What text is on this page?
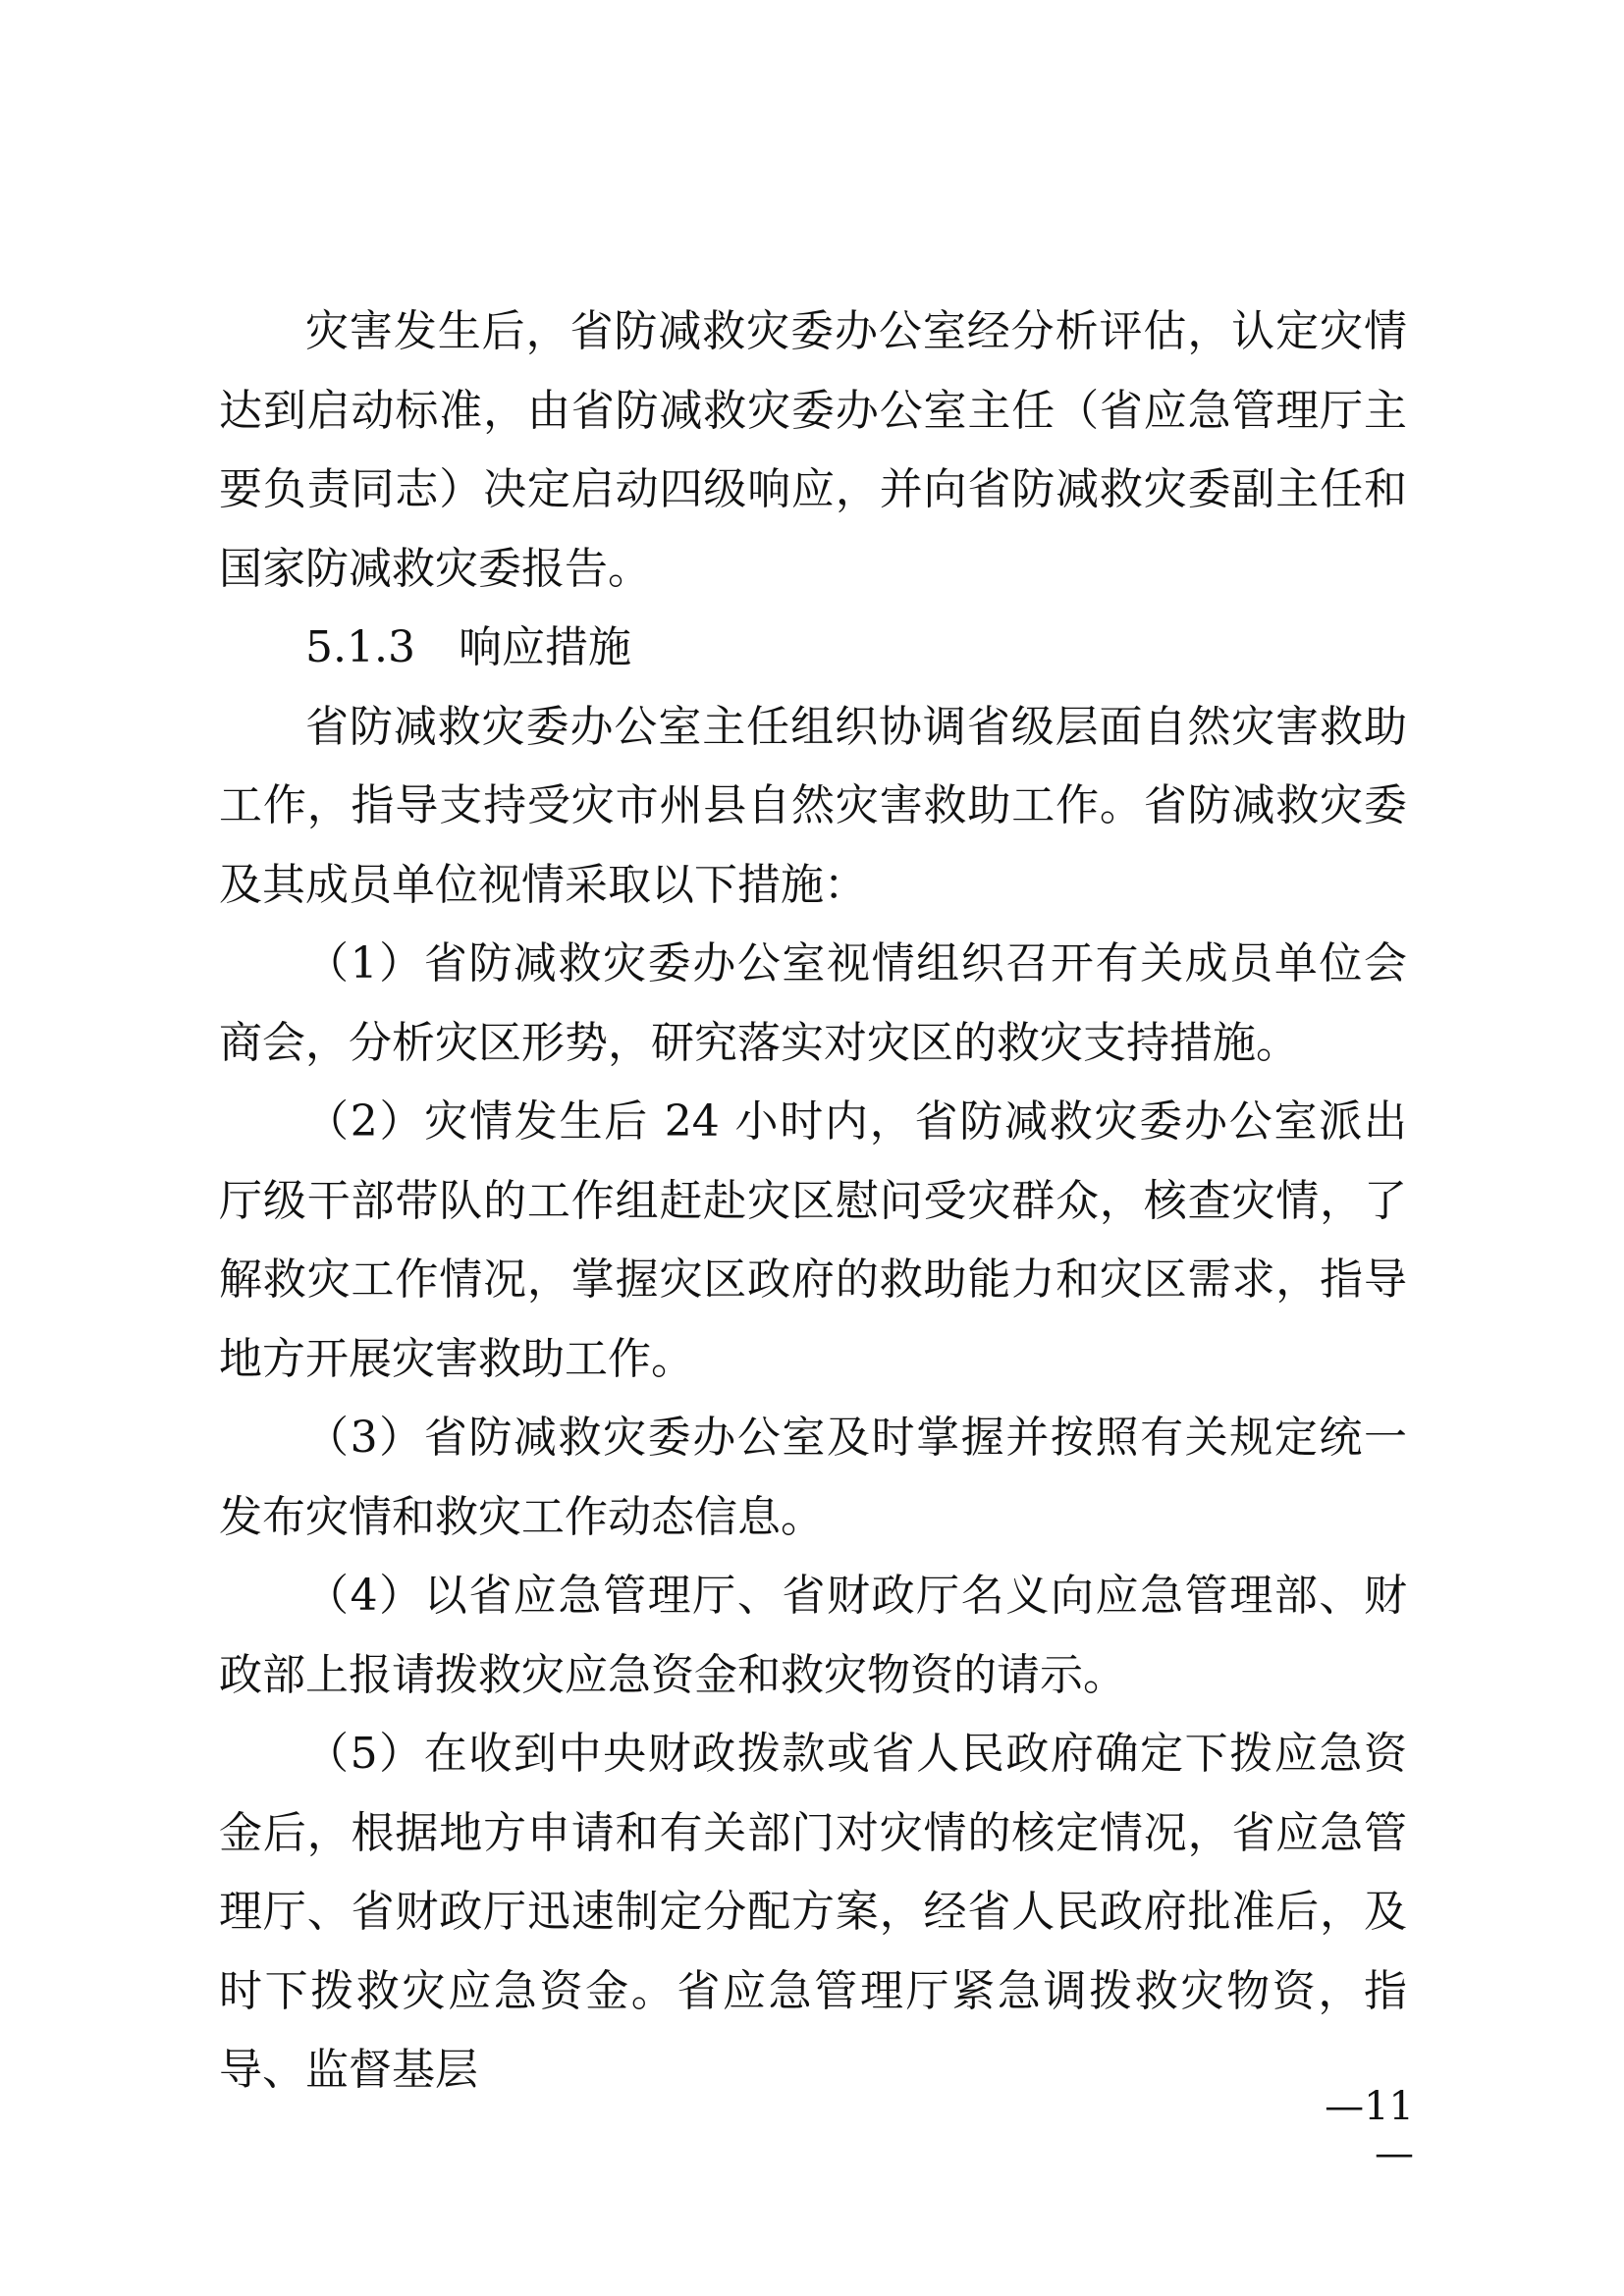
灾害发生后，省防减救灾委办公室经分析评估，认定灾情达到启动标准，由省防减救灾委办公室主任（省应急管理厅主要负责同志）决定启动四级响应，并向省防减救灾委副主任和国家防减救灾委报告。

5.1.3　响应措施

省防减救灾委办公室主任组织协调省级层面自然灾害救助工作，指导支持受灾市州县自然灾害救助工作。省防减救灾委及其成员单位视情采取以下措施：

（1）省防减救灾委办公室视情组织召开有关成员单位会商会，分析灾区形势，研究落实对灾区的救灾支持措施。

（2）灾情发生后 24 小时内，省防减救灾委办公室派出厅级干部带队的工作组赶赴灾区慰问受灾群众，核查灾情，了解救灾工作情况，掌握灾区政府的救助能力和灾区需求，指导地方开展灾害救助工作。

（3）省防减救灾委办公室及时掌握并按照有关规定统一发布灾情和救灾工作动态信息。

（4）以省应急管理厅、省财政厅名义向应急管理部、财政部上报请拨救灾应急资金和救灾物资的请示。

（5）在收到中央财政拨款或省人民政府确定下拨应急资金后，根据地方申请和有关部门对灾情的核定情况，省应急管理厅、省财政厅迅速制定分配方案，经省人民政府批准后，及时下拨救灾应急资金。省应急管理厅紧急调拨救灾物资，指导、监督基层

—11—
